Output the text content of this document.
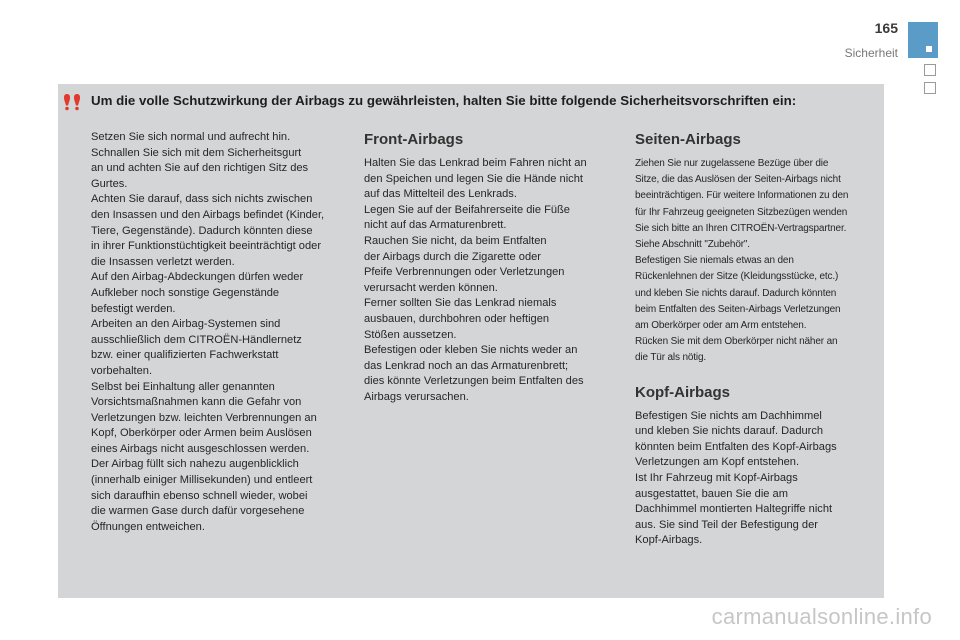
165
Sicherheit
Um die volle Schutzwirkung der Airbags zu gewährleisten, halten Sie bitte folgende Sicherheitsvorschriften ein:

Setzen Sie sich normal und aufrecht hin.
Schnallen Sie sich mit dem Sicherheitsgurt
an und achten Sie auf den richtigen Sitz des
Gurtes.
Achten Sie darauf, dass sich nichts zwischen
den Insassen und den Airbags befindet (Kinder,
Tiere, Gegenstände). Dadurch könnten diese
in ihrer Funktionstüchtigkeit beeinträchtigt oder
die Insassen verletzt werden.
Auf den Airbag-Abdeckungen dürfen weder
Aufkleber noch sonstige Gegenstände
befestigt werden.
Arbeiten an den Airbag-Systemen sind
ausschließlich dem CITROËN-Händlernetz
bzw. einer qualifizierten Fachwerkstatt
vorbehalten.
Selbst bei Einhaltung aller genannten
Vorsichtsmaßnahmen kann die Gefahr von
Verletzungen bzw. leichten Verbrennungen an
Kopf, Oberkörper oder Armen beim Auslösen
eines Airbags nicht ausgeschlossen werden.
Der Airbag füllt sich nahezu augenblicklich
(innerhalb einiger Millisekunden) und entleert
sich daraufhin ebenso schnell wieder, wobei
die warmen Gase durch dafür vorgesehene
Öffnungen entweichen.

Front-Airbags

Halten Sie das Lenkrad beim Fahren nicht an
den Speichen und legen Sie die Hände nicht
auf das Mittelteil des Lenkrads.
Legen Sie auf der Beifahrerseite die Füße
nicht auf das Armaturenbrett.
Rauchen Sie nicht, da beim Entfalten
der Airbags durch die Zigarette oder
Pfeife Verbrennungen oder Verletzungen
verursacht werden können.
Ferner sollten Sie das Lenkrad niemals
ausbauen, durchbohren oder heftigen
Stößen aussetzen.
Befestigen oder kleben Sie nichts weder an
das Lenkrad noch an das Armaturenbrett;
dies könnte Verletzungen beim Entfalten des
Airbags verursachen.

Seiten-Airbags

Ziehen Sie nur zugelassene Bezüge über die
Sitze, die das Auslösen der Seiten-Airbags nicht
beeinträchtigen. Für weitere Informationen zu den
für Ihr Fahrzeug geeigneten Sitzbezügen wenden
Sie sich bitte an Ihren CITROËN-Vertragspartner.
Siehe Abschnitt "Zubehör".
Befestigen Sie niemals etwas an den
Rückenlehnen der Sitze (Kleidungsstücke, etc.)
und kleben Sie nichts darauf. Dadurch könnten
beim Entfalten des Seiten-Airbags Verletzungen
am Oberkörper oder am Arm entstehen.
Rücken Sie mit dem Oberkörper nicht näher an
die Tür als nötig.

Kopf-Airbags

Befestigen Sie nichts am Dachhimmel
und kleben Sie nichts darauf. Dadurch
könnten beim Entfalten des Kopf-Airbags
Verletzungen am Kopf entstehen.
Ist Ihr Fahrzeug mit Kopf-Airbags
ausgestattet, bauen Sie die am
Dachhimmel montierten Haltegriffe nicht
aus. Sie sind Teil der Befestigung der
Kopf-Airbags.

carmanualsonline.info
